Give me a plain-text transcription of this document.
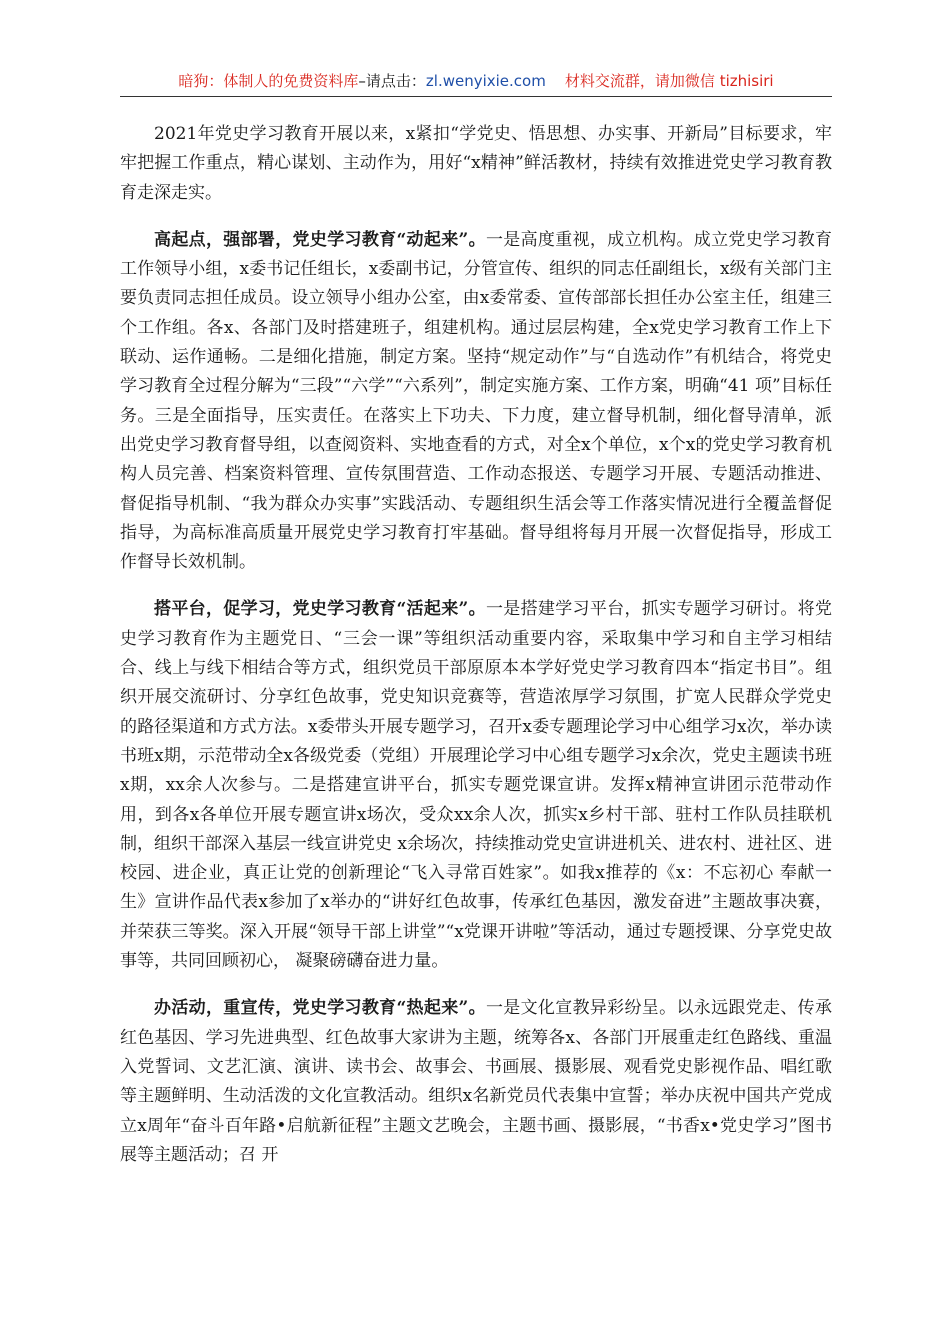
暗狗：体制人的免费资料库–请点击：zl.wenyixie.com 材料交流群，请加微信 tizhisiri

2021年党史学习教育开展以来，x紧扣“学党史、悟思想、办实事、开新局”目标要求，牢牢把握工作重点，精心谋划、主动作为，用好“x精神”鲜活教材，持续有效推进党史学习教育教育走深走实。

高起点，强部署，党史学习教育“动起来”。一是高度重视，成立机构。成立党史学习教育工作领导小组，x委书记任组长，x委副书记，分管宣传、组织的同志任副组长，x级有关部门主要负责同志担任成员。设立领导小组办公室，由x委常委、宣传部部长担任办公室主任，组建三个工作组。各x、各部门及时搭建班子，组建机构。通过层层构建，全x党史学习教育工作上下联动、运作通畅。二是细化措施，制定方案。坚持“规定动作”与“自选动作”有机结合，将党史学习教育全过程分解为“三段”“六学”“六系列”，制定实施方案、工作方案，明确“41 项”目标任务。三是全面指导，压实责任。在落实上下功夫、下力度，建立督导机制，细化督导清单，派出党史学习教育督导组，以查阅资料、实地查看的方式，对全x个单位，x个x的党史学习教育机构人员完善、档案资料管理、宣传氛围营造、工作动态报送、专题学习开展、专题活动推进、督促指导机制、“我为群众办实事”实践活动、专题组织生活会等工作落实情况进行全覆盖督促指导，为高标准高质量开展党史学习教育打牢基础。督导组将每月开展一次督促指导，形成工作督导长效机制。

搭平台，促学习，党史学习教育“活起来”。一是搭建学习平台，抓实专题学习研讨。将党史学习教育作为主题党日、“三会一课”等组织活动重要内容，采取集中学习和自主学习相结合、线上与线下相结合等方式，组织党员干部原原本本学好党史学习教育四本“指定书目”。组织开展交流研讨、分享红色故事，党史知识竞赛等，营造浓厚学习氛围，扩宽人民群众学党史的路径渠道和方式方法。x委带头开展专题学习，召开x委专题理论学习中心组学习x次，举办读书班x期，示范带动全x各级党委（党组）开展理论学习中心组专题学习x余次，党史主题读书班x期，xx余人次参与。二是搭建宣讲平台，抓实专题党课宣讲。发挥x精神宣讲团示范带动作用，到各x各单位开展专题宣讲x场次，受众xx余人次，抓实x乡村干部、驻村工作队员挂联机制，组织干部深入基层一线宣讲党史 x余场次，持续推动党史宣讲进机关、进农村、进社区、进校园、进企业，真正让党的创新理论“飞入寻常百姓家”。如我x推荐的《x：不忘初心 奉献一生》宣讲作品代表x参加了x举办的“讲好红色故事，传承红色基因，激发奋进”主题故事决赛，并荣获三等奖。深入开展“领导干部上讲堂”“x党课开讲啦”等活动，通过专题授课、分享党史故事等，共同回顾初心， 凝聚磅礴奋进力量。

办活动，重宣传，党史学习教育“热起来”。一是文化宣教异彩纷呈。以永远跟党走、传承红色基因、学习先进典型、红色故事大家讲为主题，统筹各x、各部门开展重走红色路线、重温入党誓词、文艺汇演、演讲、读书会、故事会、书画展、摄影展、观看党史影视作品、唱红歌等主题鲜明、生动活泼的文化宣教活动。组织x名新党员代表集中宣誓；举办庆祝中国共产党成立x周年“奋斗百年路•启航新征程”主题文艺晚会，主题书画、摄影展，“书香x•党史学习”图书展等主题活动；召 开
